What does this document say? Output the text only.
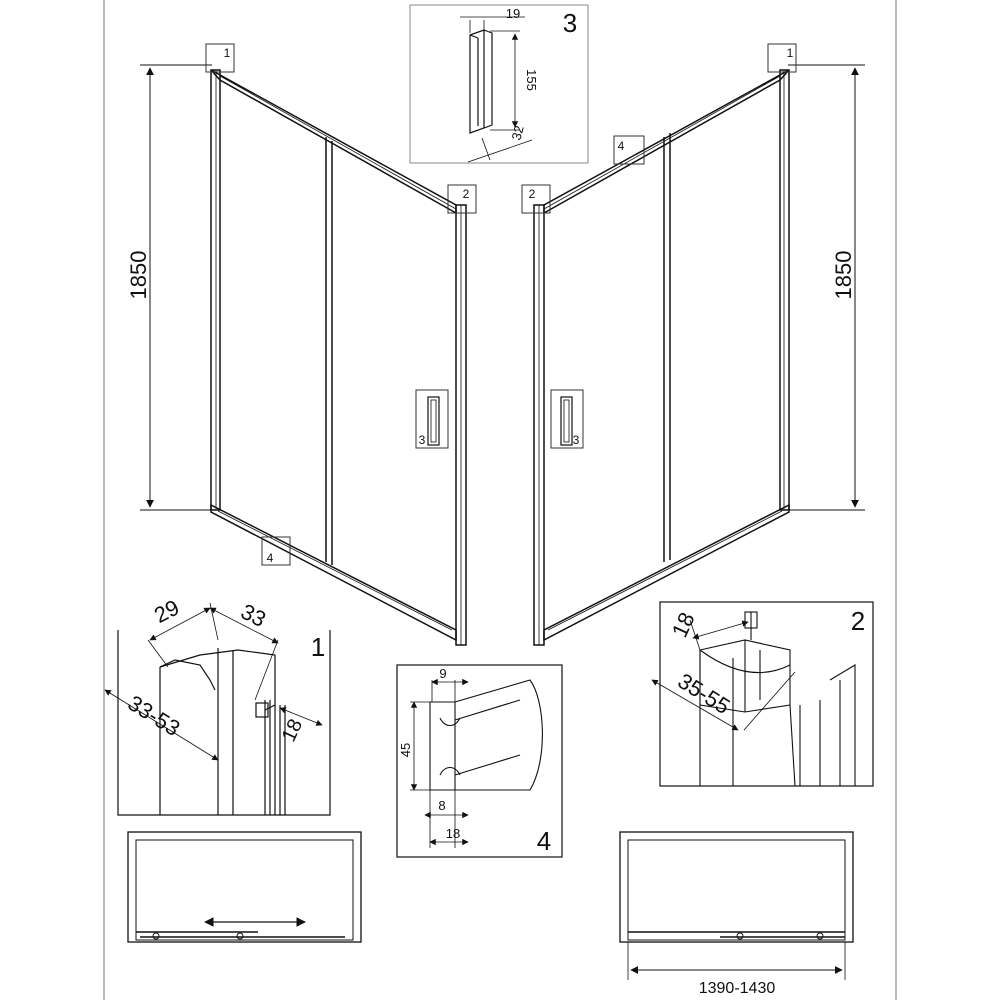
1850
1
2
3
4
1850
1
2
3
4
19
155
32
3
29 33
33-53	18
1
9
45
8
18	4
18
35-55
2
1390-1430
